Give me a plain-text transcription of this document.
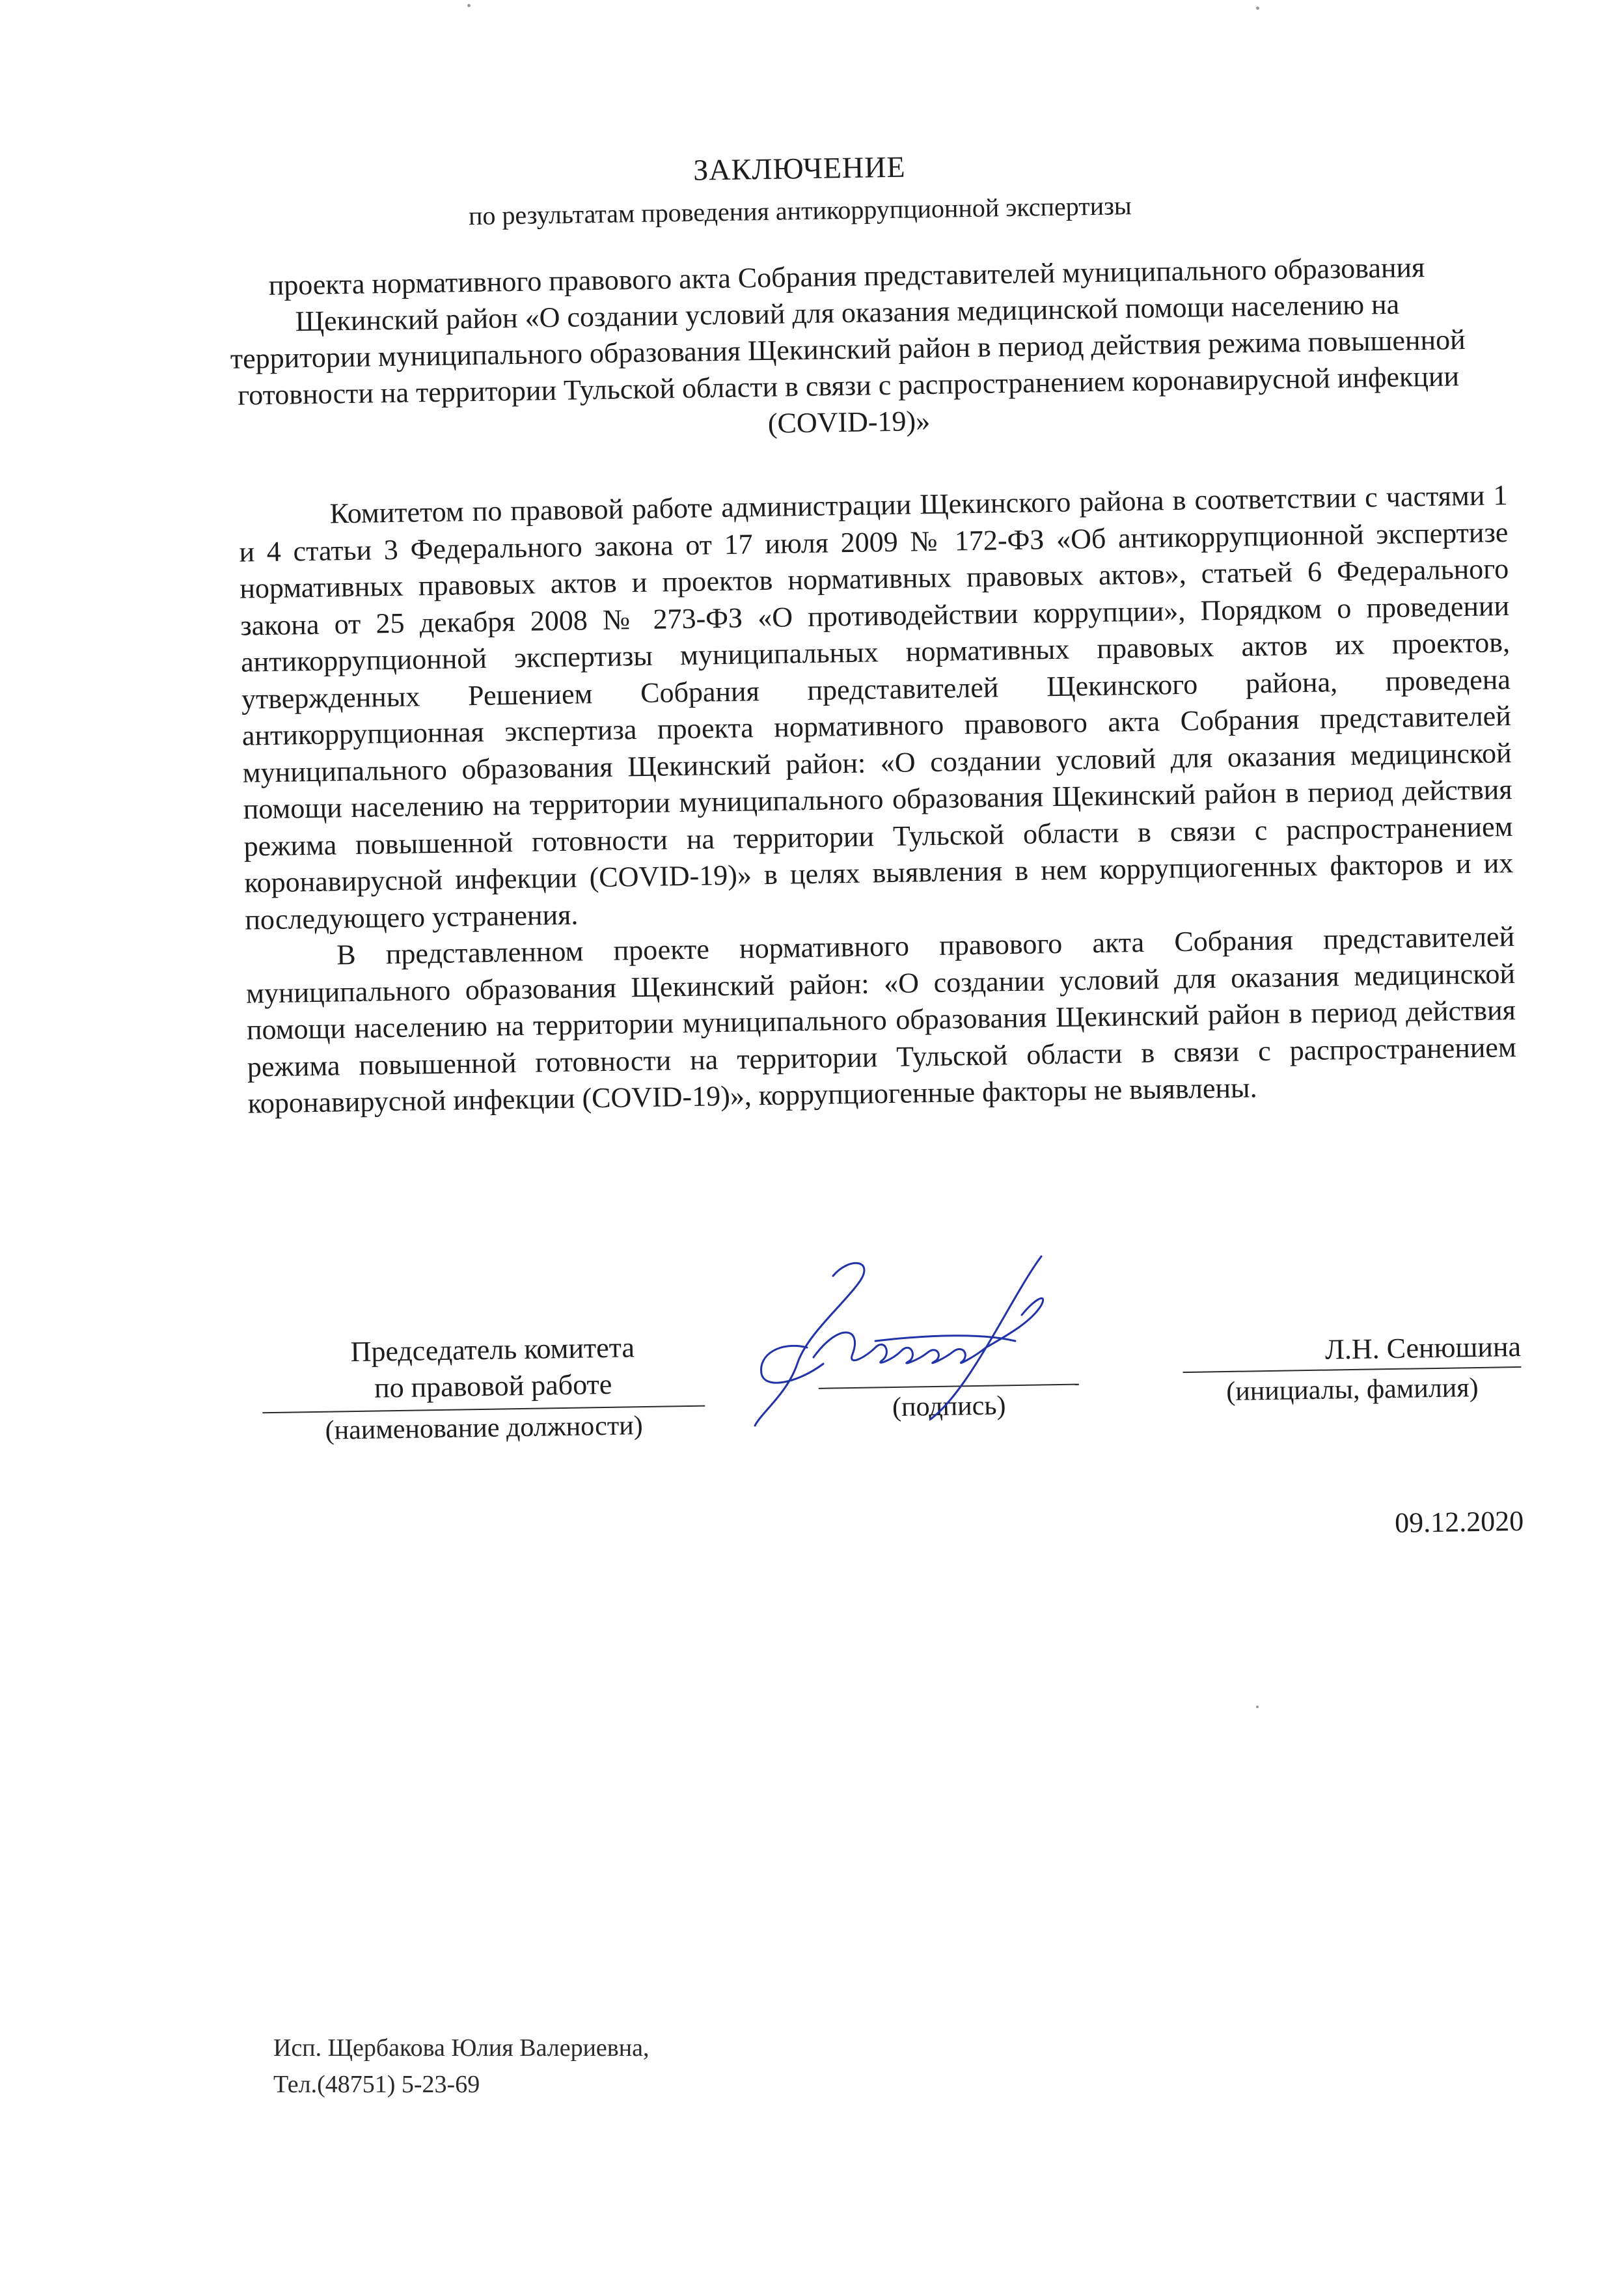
ЗАКЛЮЧЕНИЕ
по результатам проведения антикоррупционной экспертизы
проекта нормативного правового акта Собрания представителей муниципального образования Щекинский район «О создании условий для оказания медицинской помощи населению на территории муниципального образования Щекинский район в период действия режима повышенной готовности на территории Тульской области в связи с распространением коронавирусной инфекции (COVID-19)»

Комитетом по правовой работе администрации Щекинского района в соответствии с частями 1 и 4 статьи 3 Федерального закона от 17 июля 2009 № 172-ФЗ «Об антикоррупционной экспертизе нормативных правовых актов и проектов нормативных правовых актов», статьей 6 Федерального закона от 25 декабря 2008 № 273-ФЗ «О противодействии коррупции», Порядком о проведении антикоррупционной экспертизы муниципальных нормативных правовых актов их проектов, утвержденных Решением Собрания представителей Щекинского района, проведена антикоррупционная экспертиза проекта нормативного правового акта Собрания представителей муниципального образования Щекинский район: «О создании условий для оказания медицинской помощи населению на территории муниципального образования Щекинский район в период действия режима повышенной готовности на территории Тульской области в связи с распространением коронавирусной инфекции (COVID-19)» в целях выявления в нем коррупциогенных факторов и их последующего устранения.

В представленном проекте нормативного правового акта Собрания представителей муниципального образования Щекинский район: «О создании условий для оказания медицинской помощи населению на территории муниципального образования Щекинский район в период действия режима повышенной готовности на территории Тульской области в связи с распространением коронавирусной инфекции (COVID-19)», коррупциогенные факторы не выявлены.

Председатель комитета
по правовой работе
(наименование должности)
(подпись)
Л.Н. Сенюшина
(инициалы, фамилия)
09.12.2020
Исп. Щербакова Юлия Валериевна,
Тел.(48751) 5-23-69
